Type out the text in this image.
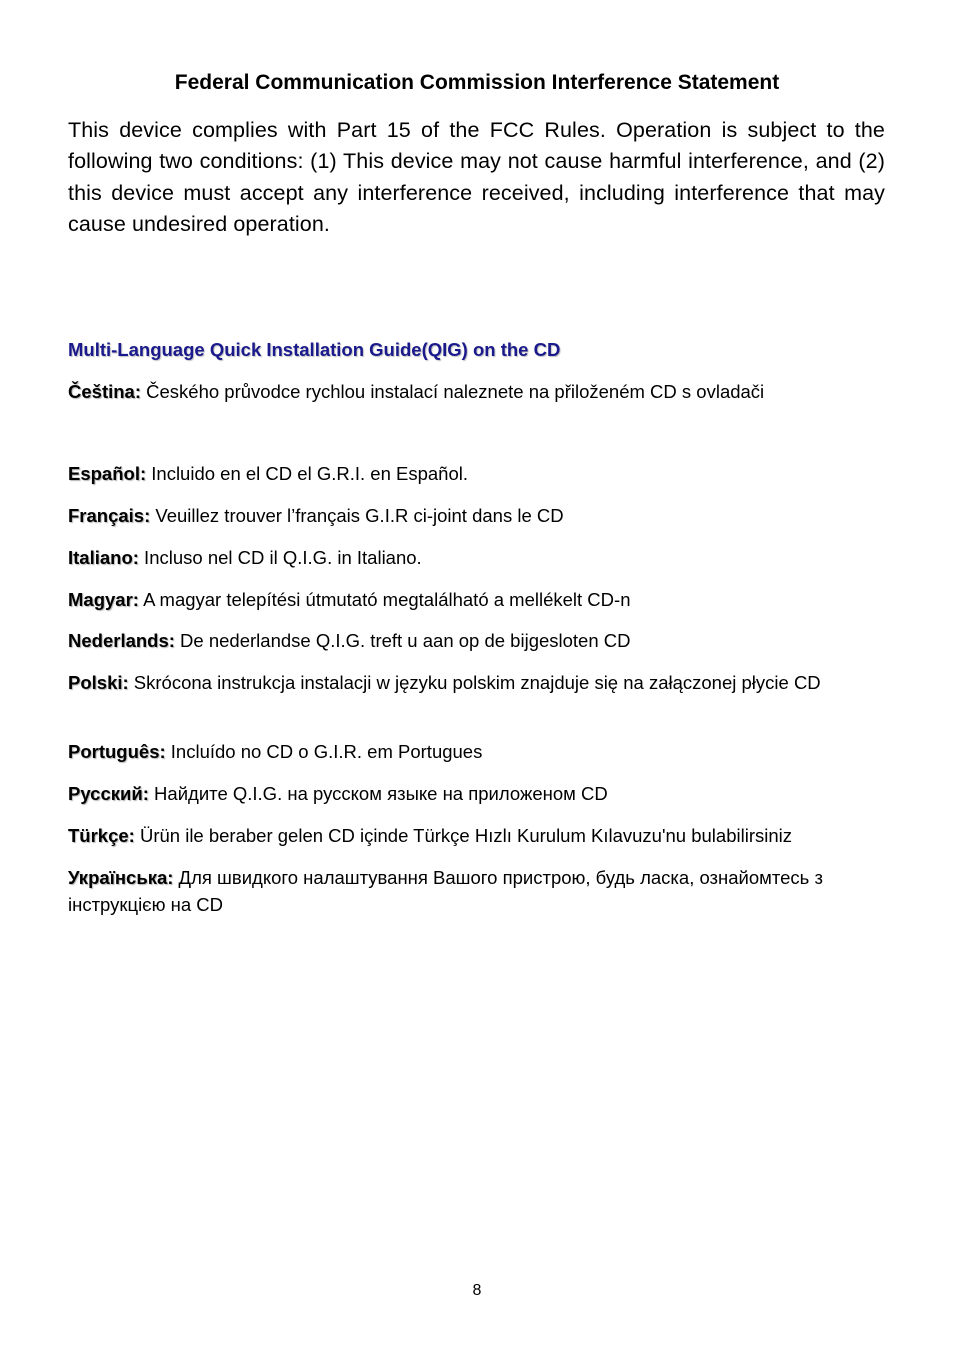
Federal Communication Commission Interference Statement
This device complies with Part 15 of the FCC Rules. Operation is subject to the following two conditions: (1) This device may not cause harmful interference, and (2) this device must accept any interference received, including interference that may cause undesired operation.
Multi-Language Quick Installation Guide(QIG) on the CD
Čeština: Českého průvodce rychlou instalací naleznete na přiloženém CD s ovladači
Español: Incluido en el CD el G.R.I. en Español.
Français: Veuillez trouver l’français G.I.R ci-joint dans le CD
Italiano: Incluso nel CD il Q.I.G. in Italiano.
Magyar: A magyar telepítési útmutató megtalálható a mellékelt CD-n
Nederlands: De nederlandse Q.I.G. treft u aan op de bijgesloten CD
Polski: Skrócona instrukcja instalacji w języku polskim znajduje się na załączonej płycie CD
Português: Incluído no CD o G.I.R. em Portugues
Русский: Найдите Q.I.G. на русском языке на приложеном CD
Türkçe: Ürün ile beraber gelen CD içinde Türkçe Hızlı Kurulum Kılavuzu'nu bulabilirsiniz
Українська: Для швидкого налаштування Вашого пристрою, будь ласка, ознайомтесь з інструкцією на CD
8
